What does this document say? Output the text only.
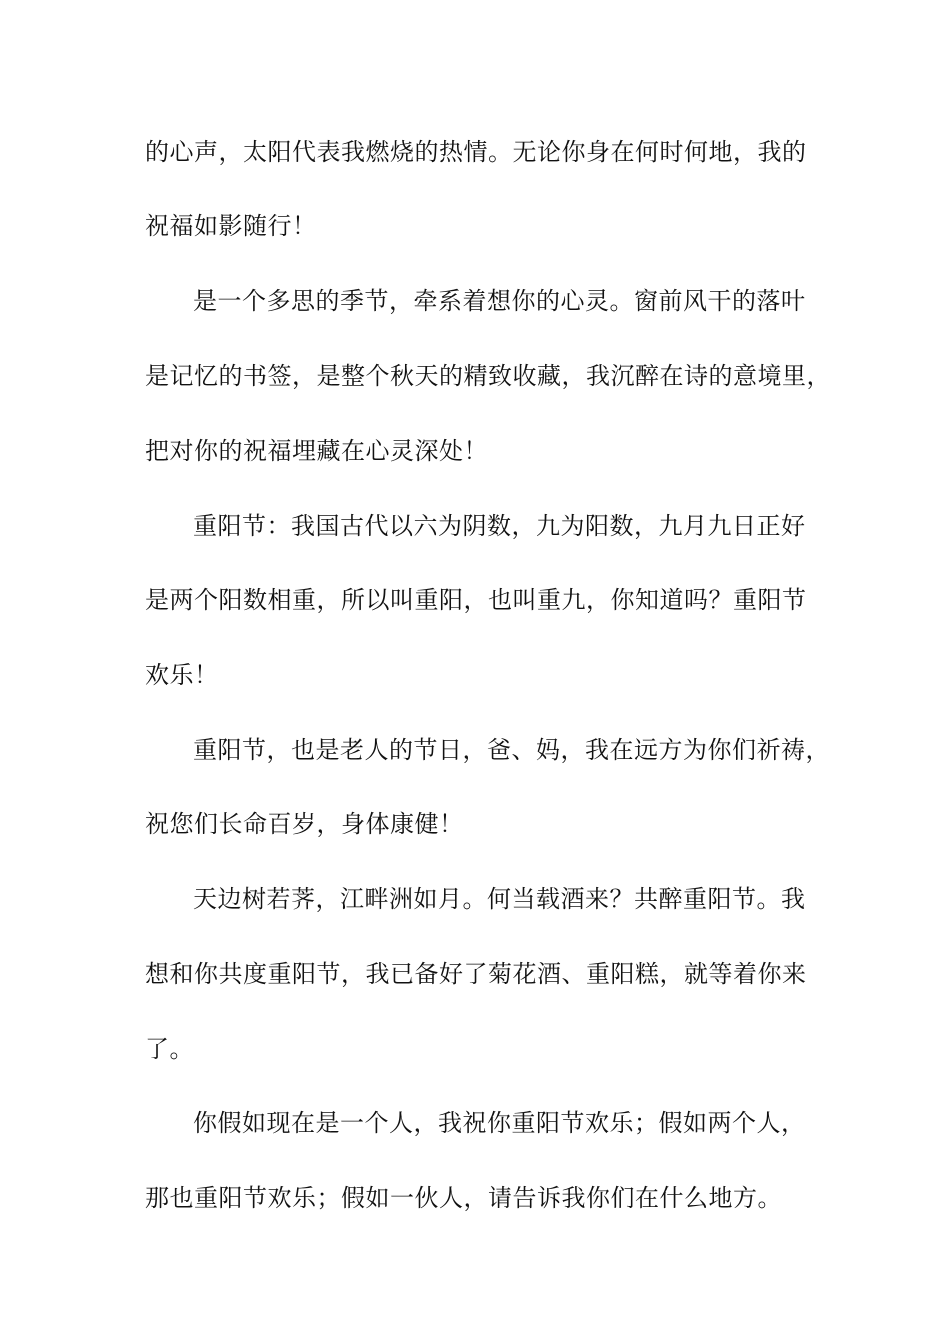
的心声，太阳代表我燃烧的热情。无论你身在何时何地，我的
祝福如影随行！
是一个多思的季节，牵系着想你的心灵。窗前风干的落叶
是记忆的书签，是整个秋天的精致收藏，我沉醉在诗的意境里，
把对你的祝福埋藏在心灵深处！
重阳节：我国古代以六为阴数，九为阳数，九月九日正好
是两个阳数相重，所以叫重阳，也叫重九，你知道吗？重阳节
欢乐！
重阳节，也是老人的节日，爸、妈，我在远方为你们祈祷，
祝您们长命百岁，身体康健！
天边树若荠，江畔洲如月。何当载酒来？共醉重阳节。我
想和你共度重阳节，我已备好了菊花酒、重阳糕，就等着你来
了。
你假如现在是一个人，我祝你重阳节欢乐；假如两个人，
那也重阳节欢乐；假如一伙人，请告诉我你们在什么地方。
